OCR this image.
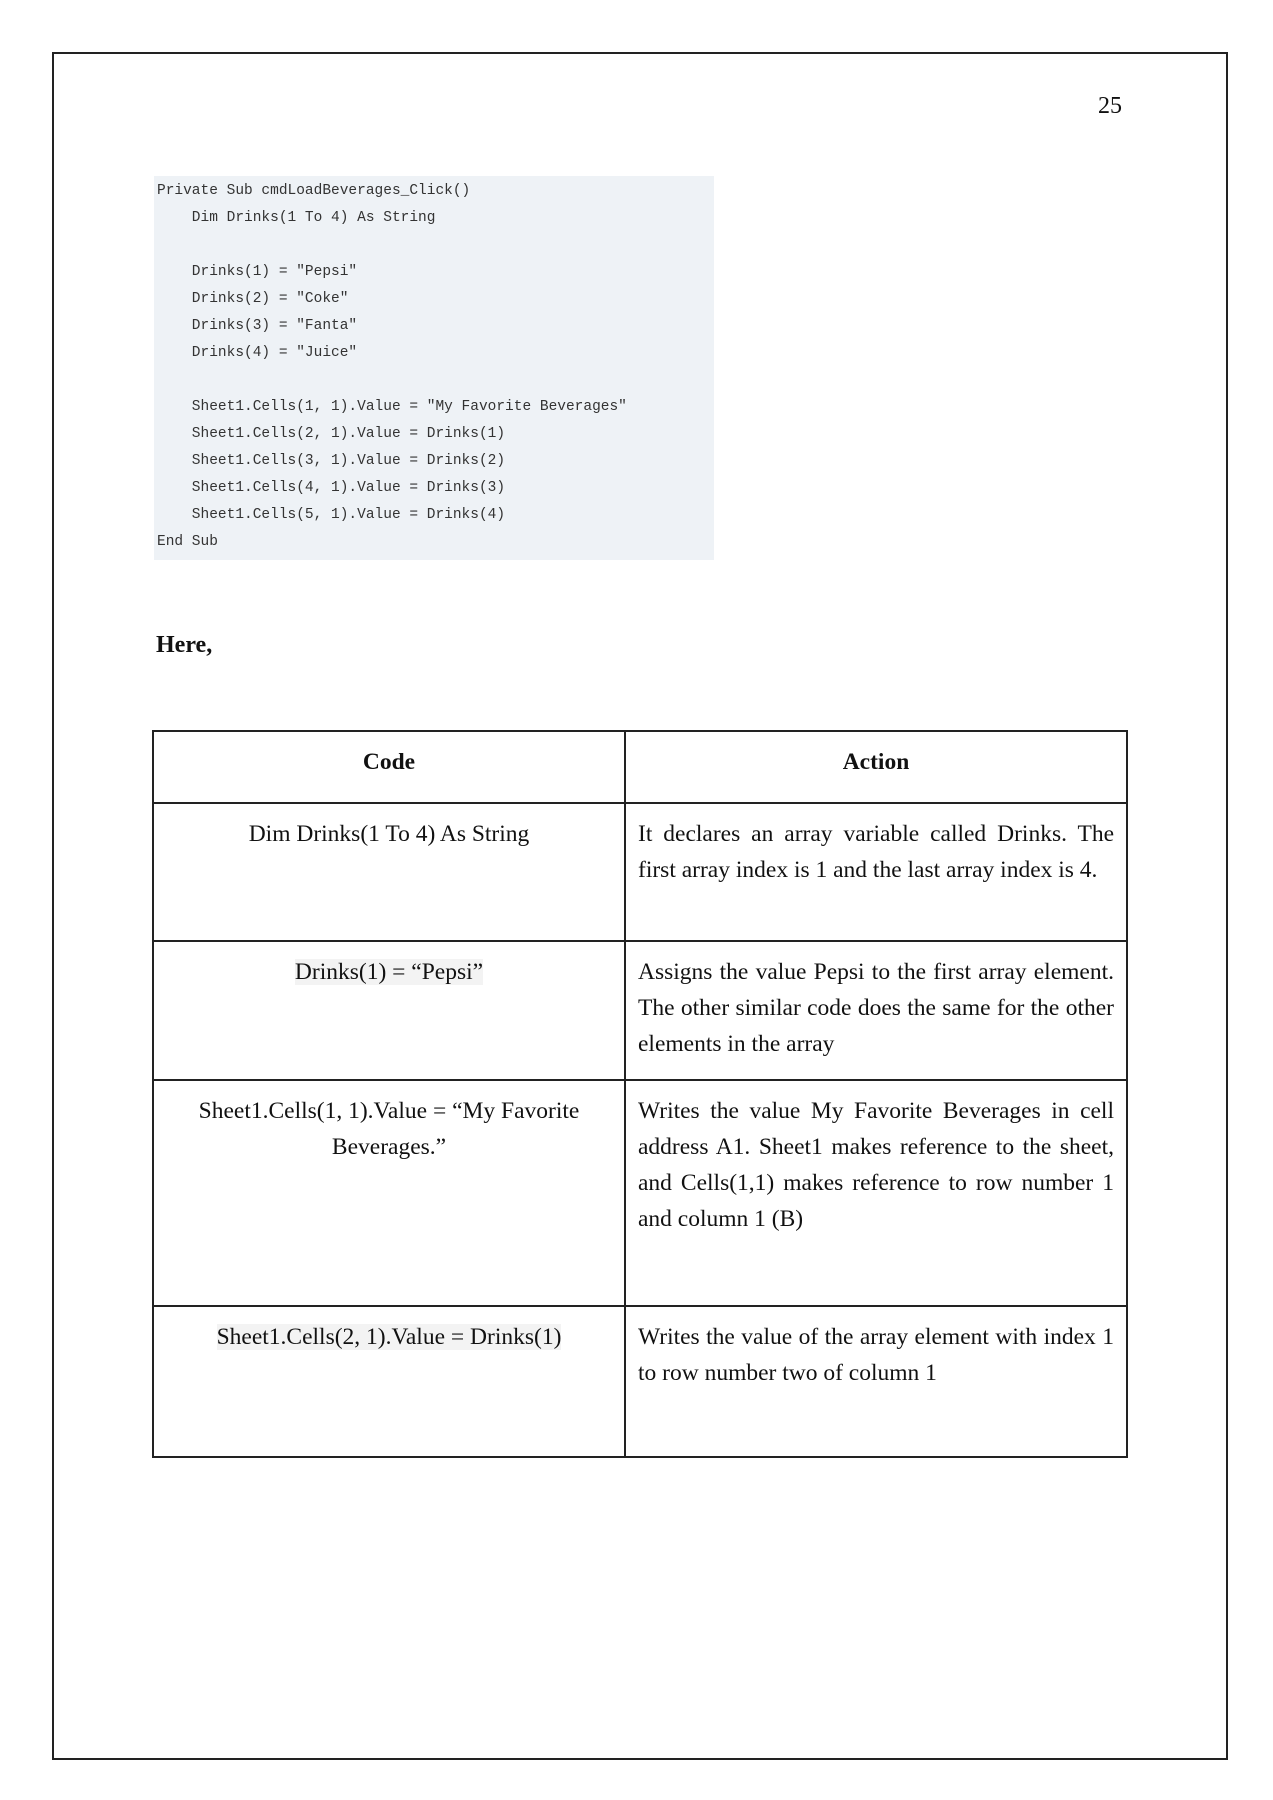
25
Private Sub cmdLoadBeverages_Click()
Dim Drinks(1 To 4) As String
Drinks(1) = "Pepsi"
Drinks(2) = "Coke"
Drinks(3) = "Fanta"
Drinks(4) = "Juice"
Sheet1.Cells(1, 1).Value = "My Favorite Beverages"
Sheet1.Cells(2, 1).Value = Drinks(1)
Sheet1.Cells(3, 1).Value = Drinks(2)
Sheet1.Cells(4, 1).Value = Drinks(3)
Sheet1.Cells(5, 1).Value = Drinks(4)
End Sub
Here,
Code	Action
Dim Drinks(1 To 4) As String	It declares an array variable called Drinks. The first array index is 1 and the last array index is 4.
Drinks(1) = “Pepsi”	Assigns the value Pepsi to the first array element. The other similar code does the same for the other elements in the array
Sheet1.Cells(1, 1).Value = “My Favorite Beverages.”	Writes the value My Favorite Beverages in cell address A1. Sheet1 makes reference to the sheet, and Cells(1,1) makes reference to row number 1 and column 1 (B)
Sheet1.Cells(2, 1).Value = Drinks(1)	Writes the value of the array element with index 1 to row number two of column 1
